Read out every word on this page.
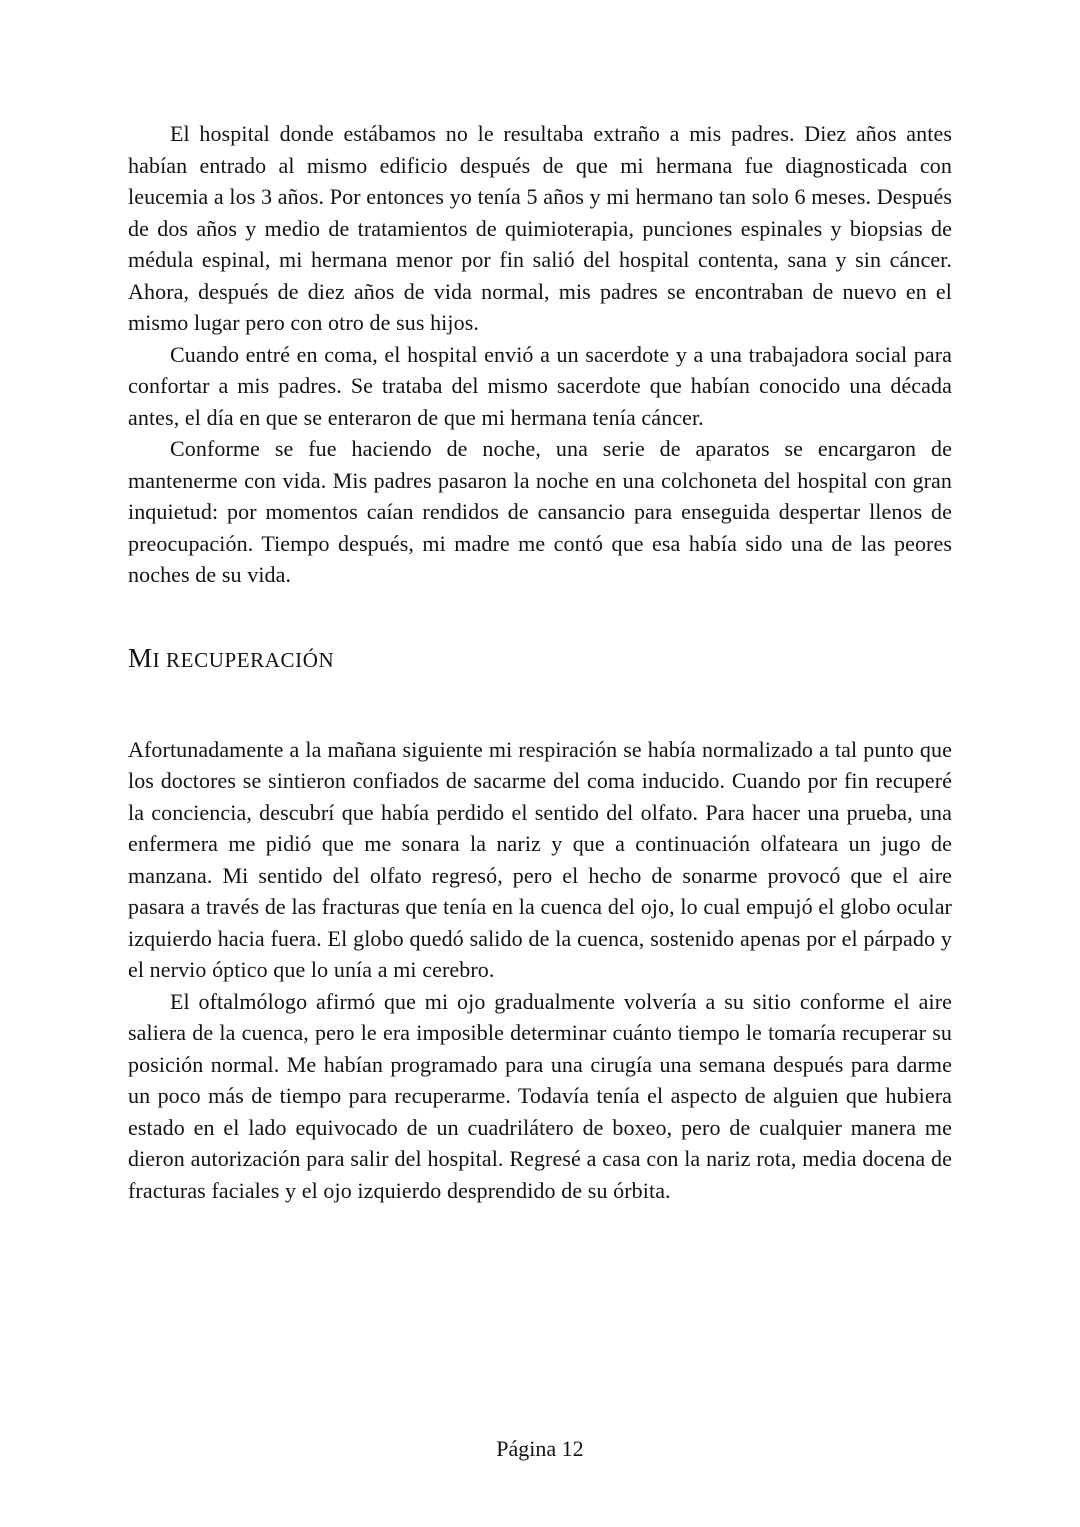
El hospital donde estábamos no le resultaba extraño a mis padres. Diez años antes habían entrado al mismo edificio después de que mi hermana fue diagnosticada con leucemia a los 3 años. Por entonces yo tenía 5 años y mi hermano tan solo 6 meses. Después de dos años y medio de tratamientos de quimioterapia, punciones espinales y biopsias de médula espinal, mi hermana menor por fin salió del hospital contenta, sana y sin cáncer. Ahora, después de diez años de vida normal, mis padres se encontraban de nuevo en el mismo lugar pero con otro de sus hijos.

Cuando entré en coma, el hospital envió a un sacerdote y a una trabajadora social para confortar a mis padres. Se trataba del mismo sacerdote que habían conocido una década antes, el día en que se enteraron de que mi hermana tenía cáncer.

Conforme se fue haciendo de noche, una serie de aparatos se encargaron de mantenerme con vida. Mis padres pasaron la noche en una colchoneta del hospital con gran inquietud: por momentos caían rendidos de cansancio para enseguida despertar llenos de preocupación. Tiempo después, mi madre me contó que esa había sido una de las peores noches de su vida.

MI RECUPERACIÓN

Afortunadamente a la mañana siguiente mi respiración se había normalizado a tal punto que los doctores se sintieron confiados de sacarme del coma inducido. Cuando por fin recuperé la conciencia, descubrí que había perdido el sentido del olfato. Para hacer una prueba, una enfermera me pidió que me sonara la nariz y que a continuación olfateara un jugo de manzana. Mi sentido del olfato regresó, pero el hecho de sonarme provocó que el aire pasara a través de las fracturas que tenía en la cuenca del ojo, lo cual empujó el globo ocular izquierdo hacia fuera. El globo quedó salido de la cuenca, sostenido apenas por el párpado y el nervio óptico que lo unía a mi cerebro.

El oftalmólogo afirmó que mi ojo gradualmente volvería a su sitio conforme el aire saliera de la cuenca, pero le era imposible determinar cuánto tiempo le tomaría recuperar su posición normal. Me habían programado para una cirugía una semana después para darme un poco más de tiempo para recuperarme. Todavía tenía el aspecto de alguien que hubiera estado en el lado equivocado de un cuadrilátero de boxeo, pero de cualquier manera me dieron autorización para salir del hospital. Regresé a casa con la nariz rota, media docena de fracturas faciales y el ojo izquierdo desprendido de su órbita.

Página 12
